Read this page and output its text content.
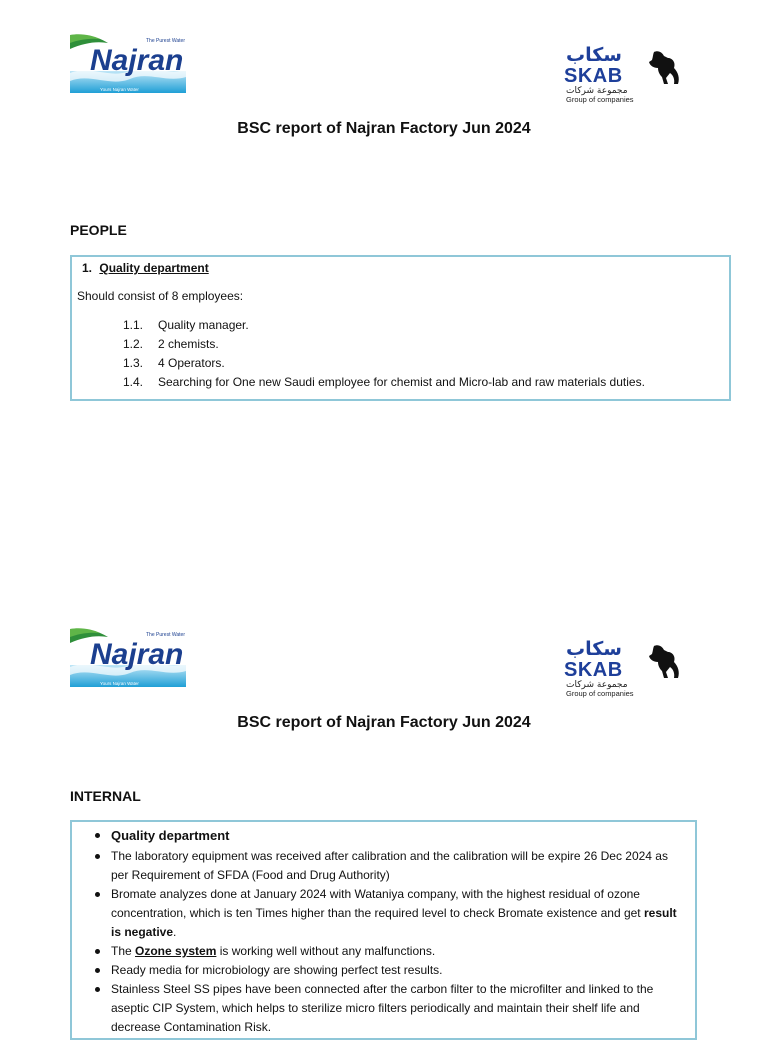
Najran
The Purest Water
Yours Najran Water
سكاب
SKAB
مجموعة شركات
Group of companies
BSC report of Najran Factory Jun 2024
PEOPLE
1. Quality department
Should consist of 8 employees:
1.1. Quality manager.
1.2. 2 chemists.
1.3. 4 Operators.
1.4. Searching for One new Saudi employee for chemist and Micro-lab and raw materials duties.
Najran
The Purest Water
Yours Najran Water
سكاب
SKAB
مجموعة شركات
Group of companies
BSC report of Najran Factory Jun 2024
INTERNAL
Quality department
The laboratory equipment was received after calibration and the calibration will be expire 26 Dec 2024 as per Requirement of SFDA (Food and Drug Authority)
Bromate analyzes done at January 2024 with Wataniya company, with the highest residual of ozone concentration, which is ten Times higher than the required level to check Bromate existence and get result is negative.
The Ozone system is working well without any malfunctions.
Ready media for microbiology are showing perfect test results.
Stainless Steel SS pipes have been connected after the carbon filter to the microfilter and linked to the aseptic CIP System, which helps to sterilize micro filters periodically and maintain their shelf life and decrease Contamination Risk.
